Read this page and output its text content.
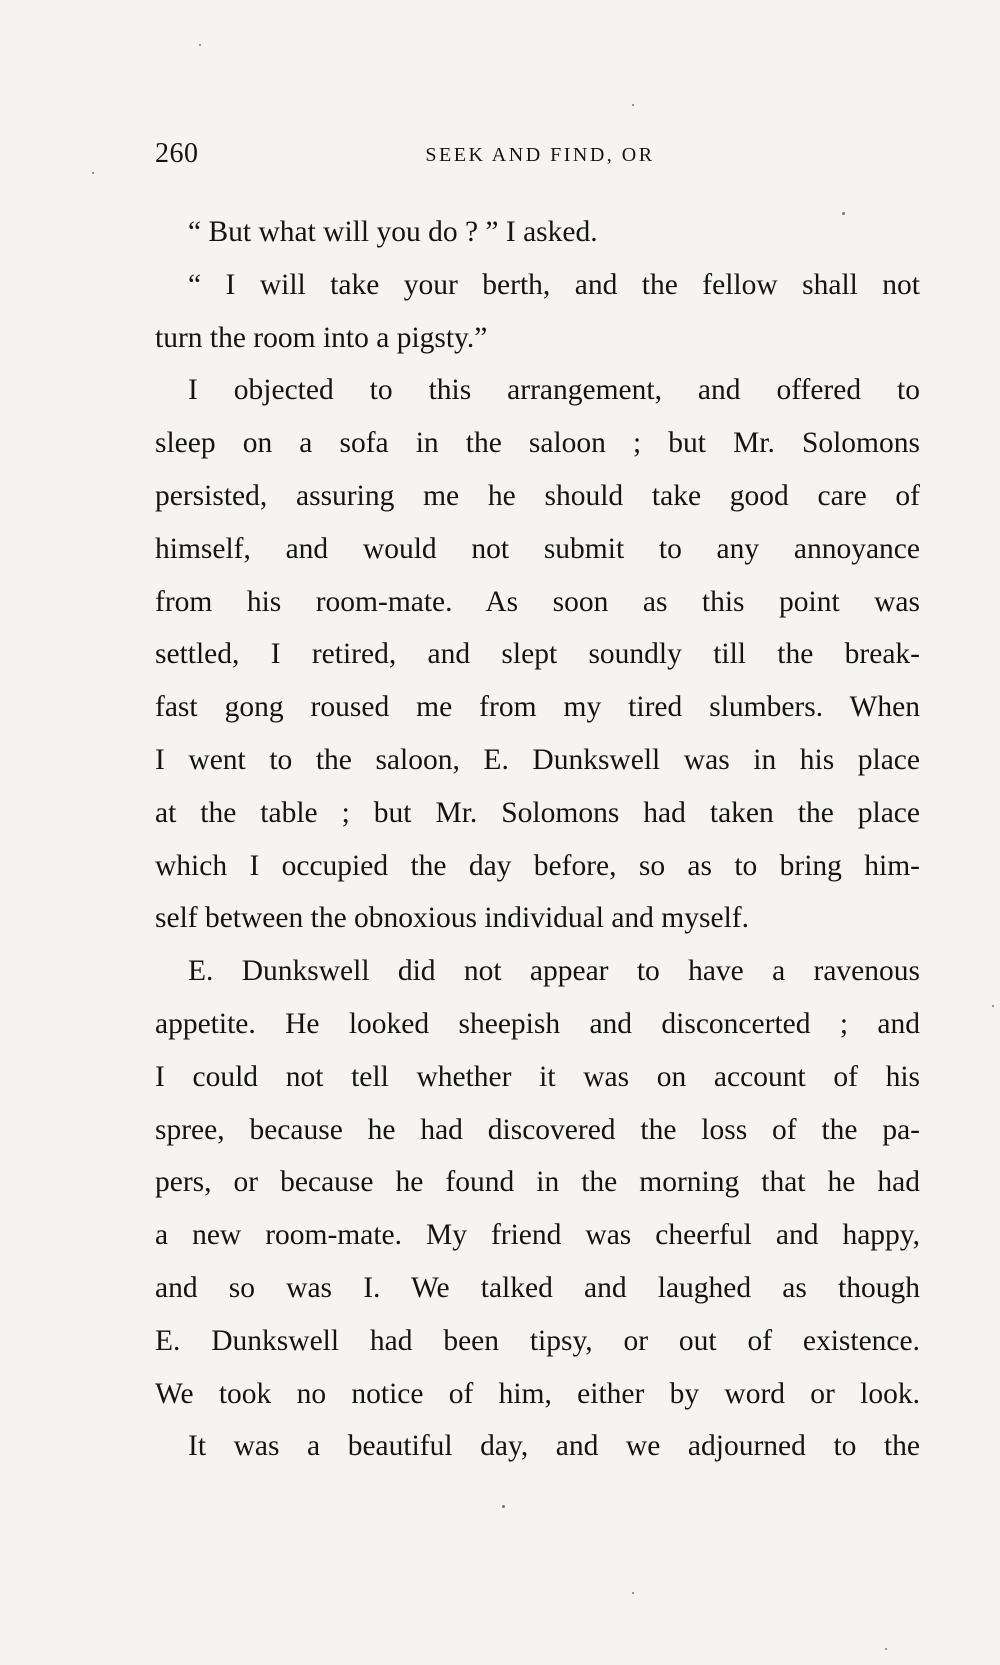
260	SEEK AND FIND, OR
“ But what will you do ? ” I asked.
“ I will take your berth, and the fellow shall not
turn the room into a pigsty.”
I objected to this arrangement, and offered to
sleep on a sofa in the saloon ; but Mr. Solomons
persisted, assuring me he should take good care of
himself, and would not submit to any annoyance
from his room-mate. As soon as this point was
settled, I retired, and slept soundly till the break-
fast gong roused me from my tired slumbers. When
I went to the saloon, E. Dunkswell was in his place
at the table ; but Mr. Solomons had taken the place
which I occupied the day before, so as to bring him-
self between the obnoxious individual and myself.
E. Dunkswell did not appear to have a ravenous
appetite. He looked sheepish and disconcerted ; and
I could not tell whether it was on account of his
spree, because he had discovered the loss of the pa-
pers, or because he found in the morning that he had
a new room-mate. My friend was cheerful and happy,
and so was I. We talked and laughed as though
E. Dunkswell had been tipsy, or out of existence.
We took no notice of him, either by word or look.
It was a beautiful day, and we adjourned to the
